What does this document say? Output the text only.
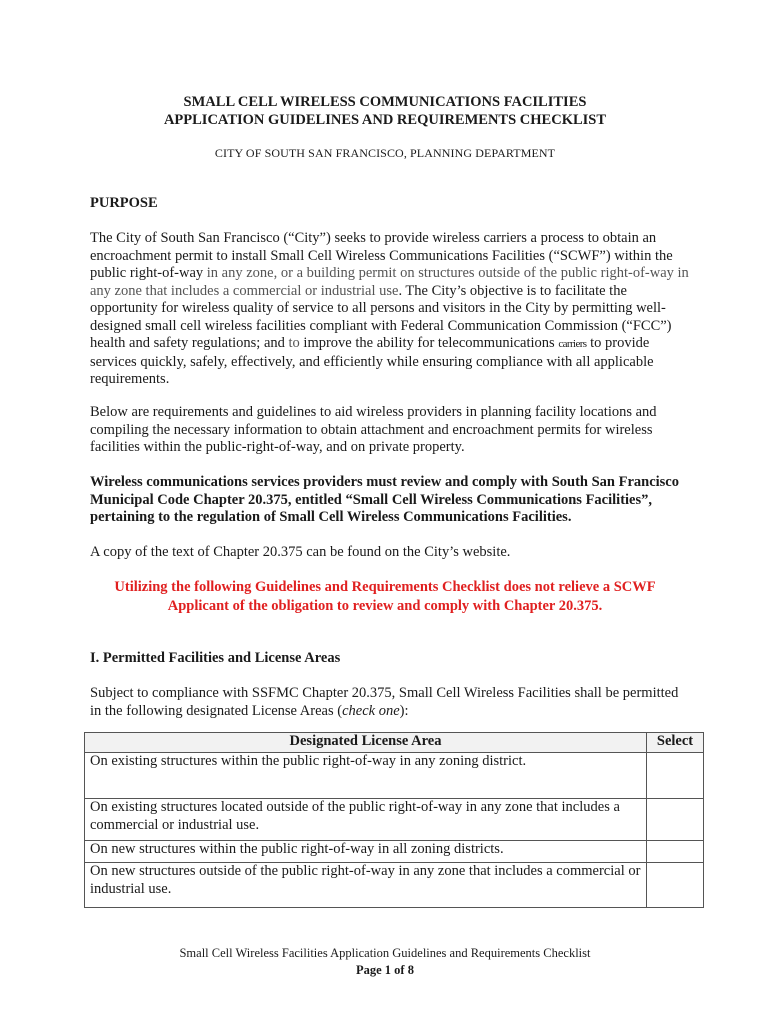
SMALL CELL WIRELESS COMMUNICATIONS FACILITIES
APPLICATION GUIDELINES AND REQUIREMENTS CHECKLIST
CITY OF SOUTH SAN FRANCISCO, PLANNING DEPARTMENT
PURPOSE

The City of South San Francisco (“City”) seeks to provide wireless carriers a process to obtain an encroachment permit to install Small Cell Wireless Communications Facilities (“SCWF”) within the public right-of-way in any zone, or a building permit on structures outside of the public right-of-way in any zone that includes a commercial or industrial use. The City’s objective is to facilitate the opportunity for wireless quality of service to all persons and visitors in the City by permitting well-designed small cell wireless facilities compliant with Federal Communication Commission (“FCC”) health and safety regulations; and to improve the ability for telecommunications carriers to provide services quickly, safely, effectively, and efficiently while ensuring compliance with all applicable requirements.

Below are requirements and guidelines to aid wireless providers in planning facility locations and compiling the necessary information to obtain attachment and encroachment permits for wireless facilities within the public-right-of-way, and on private property.

Wireless communications services providers must review and comply with South San Francisco Municipal Code Chapter 20.375, entitled “Small Cell Wireless Communications Facilities”, pertaining to the regulation of Small Cell Wireless Communications Facilities.

A copy of the text of Chapter 20.375 can be found on the City’s website.

Utilizing the following Guidelines and Requirements Checklist does not relieve a SCWF Applicant of the obligation to review and comply with Chapter 20.375.

I. Permitted Facilities and License Areas

Subject to compliance with SSFMC Chapter 20.375, Small Cell Wireless Facilities shall be permitted in the following designated License Areas (check one):

Designated License Area	Select
On existing structures within the public right-of-way in any zoning district.	
On existing structures located outside of the public right-of-way in any zone that includes a commercial or industrial use.	
On new structures within the public right-of-way in all zoning districts.	
On new structures outside of the public right-of-way in any zone that includes a commercial or industrial use.	
Small Cell Wireless Facilities Application Guidelines and Requirements Checklist
Page 1 of 8
